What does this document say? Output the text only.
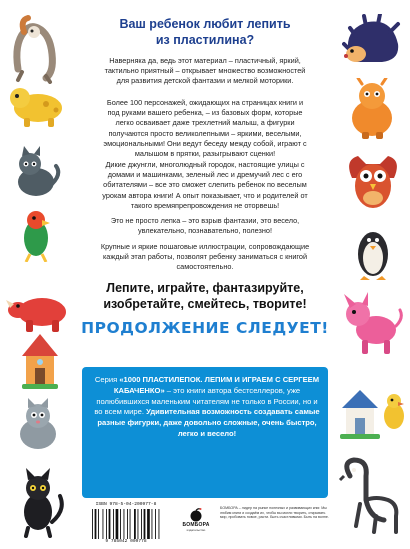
Ваш ребенок любит лепить
из пластилина?
Наверняка да, ведь этот материал – пластичный, яркий, тактильно приятный – открывает множество возможностей для развития детской фантазии и мелкой моторики.
Более 100 персонажей, ожидающих на страницах книги и под руками вашего ребенка, – из базовых форм, которые легко осваивает даже трехлетний малыш, а фигурки получаются просто великолепными – яркими, веселыми, эмоциональными! Они ведут беседу между собой, играют с малышом в прятки, разыгрывают сценки!
Дикие джунгли, многолюдный городок, настоящие улицы с домами и машинками, зеленый лес и дремучий лес с его обитателями – все это сможет слепить ребенок по веселым урокам автора книги! А опыт показывает, что и родителей от такого времяпрепровождения не оторвешь!
Это не просто лепка – это взрыв фантазии, это весело, увлекательно, познавательно, полезно!
Крупные и яркие пошаговые иллюстрации, сопровождающие каждый этап работы, позволят ребенку заниматься с книгой самостоятельно.
Лепите, играйте, фантазируйте,
изобретайте, смейтесь, творите!
ПРОДОЛЖЕНИЕ СЛЕДУЕТ!
Серия «1000 ПЛАСТИЛЕПОК. ЛЕПИМ И ИГРАЕМ С СЕРГЕЕМ КАБАЧЕНКО» – это книги автора бестселлеров, уже полюбившихся маленьким читателям не только в России, но и во всем мире. Удивительная возможность создавать самые разные фигурки, даже довольно сложные, очень быстро, легко и весело!
ISBN 978-5-04-200977-8
9 785042 009778
БОМБОРА
издательство
БОМБОРА – лидер на рынке полезных и развивающих книг. Мы любим книги и создаём их, чтобы вы могли творить, открывать мир, пробовать новое, расти. Быть счастливыми. Быть на волне.
